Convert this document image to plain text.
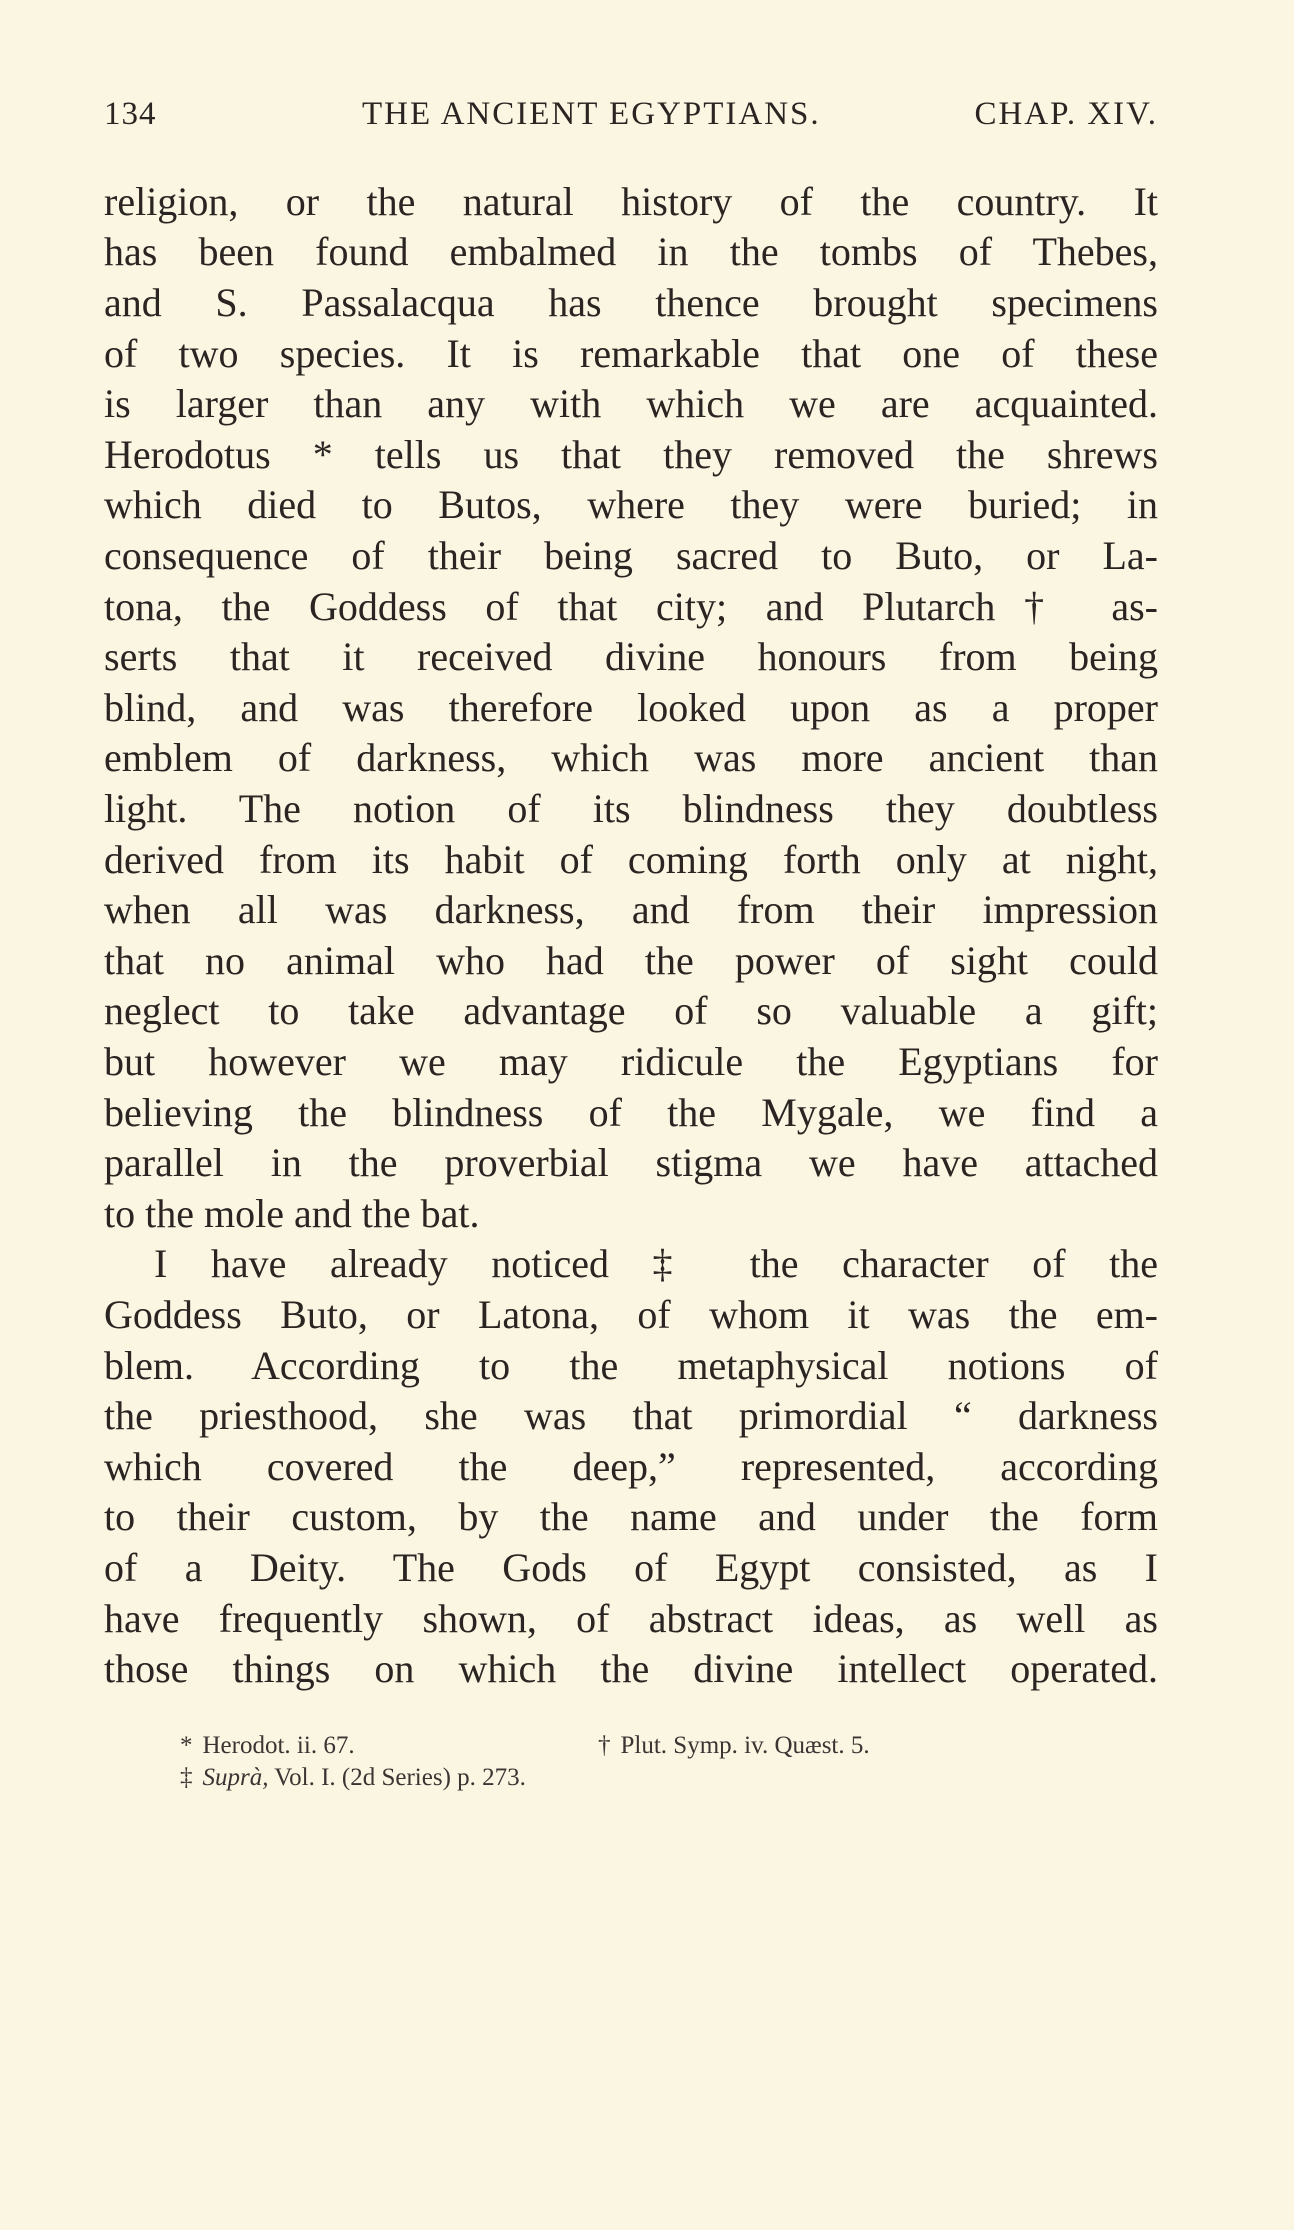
134	THE ANCIENT EGYPTIANS.	CHAP. XIV.
religion, or the natural history of the country. It
has been found embalmed in the tombs of Thebes,
and S. Passalacqua has thence brought specimens
of two species. It is remarkable that one of these
is larger than any with which we are acquainted.
Herodotus * tells us that they removed the shrews
which died to Butos, where they were buried; in
consequence of their being sacred to Buto, or La-
tona, the Goddess of that city; and Plutarch† as-
serts that it received divine honours from being
blind, and was therefore looked upon as a proper
emblem of darkness, which was more ancient than
light. The notion of its blindness they doubtless
derived from its habit of coming forth only at night,
when all was darkness, and from their impression
that no animal who had the power of sight could
neglect to take advantage of so valuable a gift;
but however we may ridicule the Egyptians for
believing the blindness of the Mygale, we find a
parallel in the proverbial stigma we have attached
to the mole and the bat.
I have already noticed ‡ the character of the
Goddess Buto, or Latona, of whom it was the em-
blem. According to the metaphysical notions of
the priesthood, she was that primordial “ darkness
which covered the deep,” represented, according
to their custom, by the name and under the form
of a Deity. The Gods of Egypt consisted, as I
have frequently shown, of abstract ideas, as well as
those things on which the divine intellect operated.
* Herodot. ii. 67.	† Plut. Symp. iv. Quæst. 5.
‡ Suprà, Vol. I. (2d Series) p. 273.
